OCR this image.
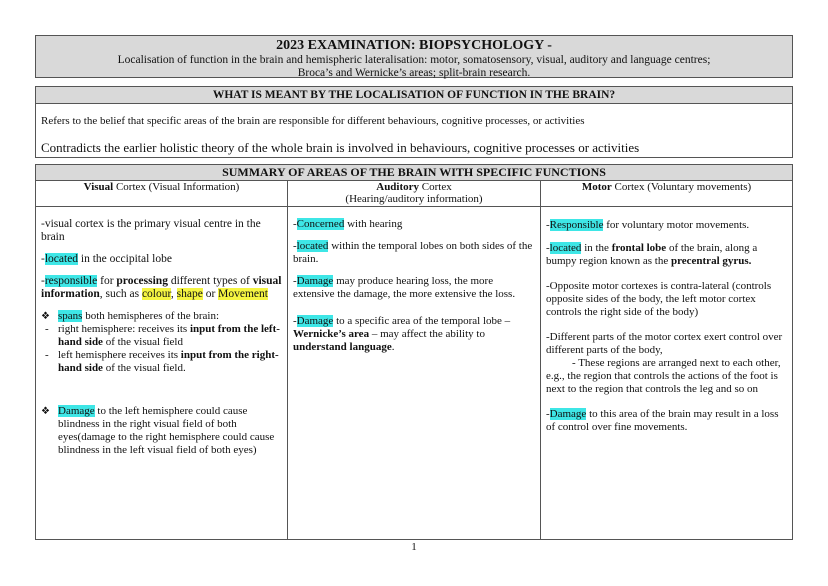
2023 EXAMINATION: BIOPSYCHOLOGY -
Localisation of function in the brain and hemispheric lateralisation: motor, somatosensory, visual, auditory and language centres;
Broca’s and Wernicke’s areas; split-brain research.
WHAT IS MEANT BY THE LOCALISATION OF FUNCTION IN THE BRAIN?
Refers to the belief that specific areas of the brain are responsible for different behaviours, cognitive processes, or activities
Contradicts the earlier holistic theory of the whole brain is involved in behaviours, cognitive processes or activities
SUMMARY OF AREAS OF THE BRAIN WITH SPECIFIC FUNCTIONS
Visual Cortex (Visual Information)

-visual cortex is the primary visual centre in the brain

-located in the occipital lobe

-responsible for processing different types of visual information, such as colour, shape or Movement

❖ spans both hemispheres of the brain:
- right hemisphere: receives its input from the left-hand side of the visual field
- left hemisphere receives its input from the right-hand side of the visual field.
❖ Damage to the left hemisphere could cause blindness in the right visual field of both eyes(damage to the right hemisphere could cause blindness in the left visual field of both eyes)
Auditory Cortex
(Hearing/auditory information)

-Concerned with hearing

-located within the temporal lobes on both sides of the brain.

-Damage may produce hearing loss, the more extensive the damage, the more extensive the loss.

-Damage to a specific area of the temporal lobe – Wernicke’s area – may affect the ability to understand language.

Motor Cortex (Voluntary movements)

-Responsible for voluntary motor movements.

-located in the frontal lobe of the brain, along a bumpy region known as the precentral gyrus.

-Opposite motor cortexes is contra-lateral (controls opposite sides of the body, the left motor cortex controls the right side of the body)

-Different parts of the motor cortex exert control over different parts of the body,

- These regions are arranged next to each other, e.g., the region that controls the actions of the foot is next to the region that controls the leg and so on

-Damage to this area of the brain may result in a loss of control over fine movements.

1
